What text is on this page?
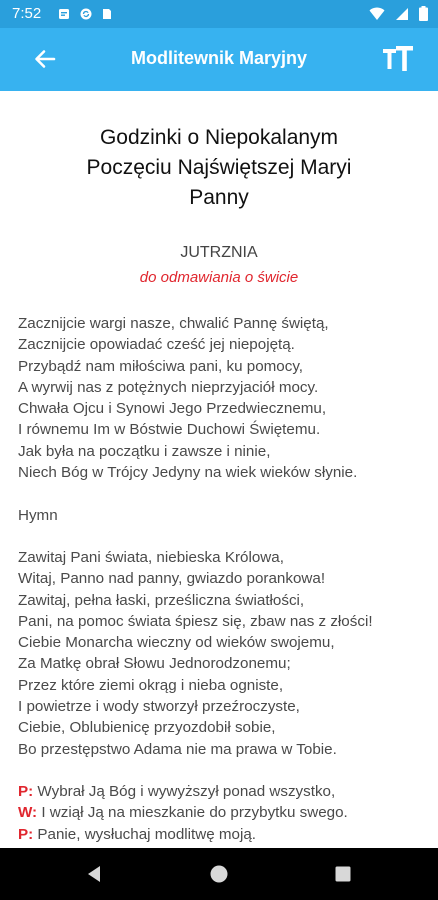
7:52
Modlitewnik Maryjny
Godzinki o Niepokalanym
Poczęciu Najświętszej Maryi
Panny
JUTRZNIA
do odmawiania o świcie
Zacznijcie wargi nasze, chwalić Pannę świętą,
Zacznijcie opowiadać cześć jej niepojętą.
Przybądź nam miłościwa pani, ku pomocy,
A wyrwij nas z potężnych nieprzyjaciół mocy.
Chwała Ojcu i Synowi Jego Przedwiecznemu,
I równemu Im w Bóstwie Duchowi Świętemu.
Jak była na początku i zawsze i ninie,
Niech Bóg w Trójcy Jedyny na wiek wieków słynie.
Hymn
Zawitaj Pani świata, niebieska Królowa,
Witaj, Panno nad panny, gwiazdo porankowa!
Zawitaj, pełna łaski, prześliczna światłości,
Pani, na pomoc świata śpiesz się, zbaw nas z złości!
Ciebie Monarcha wieczny od wieków swojemu,
Za Matkę obrał Słowu Jednorodzonemu;
Przez które ziemi okrąg i nieba ogniste,
I powietrze i wody stworzył przeźroczyste,
Ciebie, Oblubienicę przyozdobił sobie,
Bo przestępstwo Adama nie ma prawa w Tobie.
P: Wybrał Ją Bóg i wywyższył ponad wszystko,
W: I wziął Ją na mieszkanie do przybytku swego.
P: Panie, wysłuchaj modlitwę moją.
